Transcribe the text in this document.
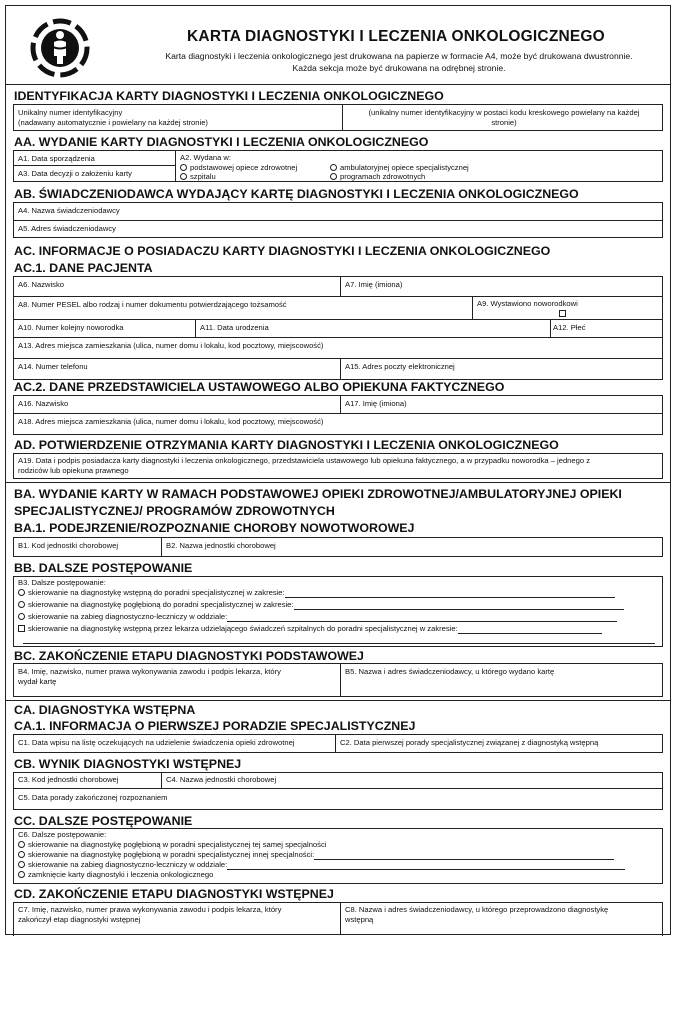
KARTA DIAGNOSTYKI I LECZENIA ONKOLOGICZNEGO
Karta diagnostyki i leczenia onkologicznego jest drukowana na papierze w formacie A4, może być drukowana dwustronnie.
Każda sekcja może być drukowana na odrębnej stronie.
IDENTYFIKACJA KARTY DIAGNOSTYKI I LECZENIA ONKOLOGICZNEGO
Unikalny numer identyfikacyjny
(nadawany automatycznie i powielany na każdej stronie)
(unikalny numer identyfikacyjny w postaci kodu kreskowego powielany na każdej
stronie)
AA. WYDANIE KARTY DIAGNOSTYKI I LECZENIA ONKOLOGICZNEGO
A1. Data sporządzenia
A3. Data decyzji o założeniu karty
A2. Wydana w:
podstawowej opiece zdrowotnej	ambulatoryjnej opiece specjalistycznej
szpitalu	programach zdrowotnych
AB. ŚWIADCZENIODAWCA WYDAJĄCY KARTĘ DIAGNOSTYKI I LECZENIA ONKOLOGICZNEGO
A4. Nazwa świadczeniodawcy
A5. Adres świadczeniodawcy
AC. INFORMACJE O POSIADACZU KARTY DIAGNOSTYKI I LECZENIA ONKOLOGICZNEGO
AC.1. DANE PACJENTA
A6. Nazwisko	A7. Imię (imiona)
A8. Numer PESEL albo rodzaj i numer dokumentu potwierdzającego tożsamość	A9. Wystawiono noworodkowi
A10. Numer kolejny noworodka	A11. Data urodzenia	A12. Płeć
A13. Adres miejsca zamieszkania (ulica, numer domu i lokalu, kod pocztowy, miejscowość)
A14. Numer telefonu	A15. Adres poczty elektronicznej
AC.2. DANE PRZEDSTAWICIELA USTAWOWEGO ALBO OPIEKUNA FAKTYCZNEGO
A16. Nazwisko	A17. Imię (imiona)
A18. Adres miejsca zamieszkania (ulica, numer domu i lokalu, kod pocztowy, miejscowość)
AD. POTWIERDZENIE OTRZYMANIA KARTY DIAGNOSTYKI I LECZENIA ONKOLOGICZNEGO
A19. Data i podpis posiadacza karty diagnostyki i leczenia onkologicznego, przedstawiciela ustawowego lub opiekuna faktycznego, a w przypadku noworodka – jednego z
rodziców lub opiekuna prawnego
BA. WYDANIE KARTY W RAMACH PODSTAWOWEJ OPIEKI ZDROWOTNEJ/AMBULATORYJNEJ OPIEKI
SPECJALISTYCZNEJ/ PROGRAMÓW ZDROWOTNYCH
BA.1. PODEJRZENIE/ROZPOZNANIE CHOROBY NOWOTWOROWEJ
B1. Kod jednostki chorobowej	B2. Nazwa jednostki chorobowej
BB. DALSZE POSTĘPOWANIE
B3. Dalsze postępowanie:
skierowanie na diagnostykę wstępną do poradni specjalistycznej w zakresie:
skierowanie na diagnostykę pogłębioną do poradni specjalistycznej w zakresie:
skierowanie na zabieg diagnostyczno-leczniczy w oddziale:
skierowanie na diagnostykę wstępną przez lekarza udzielającego świadczeń szpitalnych do poradni specjalistycznej w zakresie:
BC. ZAKOŃCZENIE ETAPU DIAGNOSTYKI PODSTAWOWEJ
B4. Imię, nazwisko, numer prawa wykonywania zawodu i podpis lekarza, który
wydał kartę
B5. Nazwa i adres świadczeniodawcy, u którego wydano kartę
CA. DIAGNOSTYKA WSTĘPNA
CA.1. INFORMACJA O PIERWSZEJ PORADZIE SPECJALISTYCZNEJ
C1. Data wpisu na listę oczekujących na udzielenie świadczenia opieki zdrowotnej	C2. Data pierwszej porady specjalistycznej związanej z diagnostyką wstępną
CB. WYNIK DIAGNOSTYKI WSTĘPNEJ
C3. Kod jednostki chorobowej	C4. Nazwa jednostki chorobowej
C5. Data porady zakończonej rozpoznaniem
CC. DALSZE POSTĘPOWANIE
C6. Dalsze postępowanie:
skierowanie na diagnostykę pogłębioną w poradni specjalistycznej tej samej specjalności
skierowanie na diagnostykę pogłębioną w poradni specjalistycznej innej specjalności:
skierowanie na zabieg diagnostyczno-leczniczy w oddziale:
zamknięcie karty diagnostyki i leczenia onkologicznego
CD. ZAKOŃCZENIE ETAPU DIAGNOSTYKI WSTĘPNEJ
C7. Imię, nazwisko, numer prawa wykonywania zawodu i podpis lekarza, który
zakończył etap diagnostyki wstępnej
C8. Nazwa i adres świadczeniodawcy, u którego przeprowadzono diagnostykę
wstępną
